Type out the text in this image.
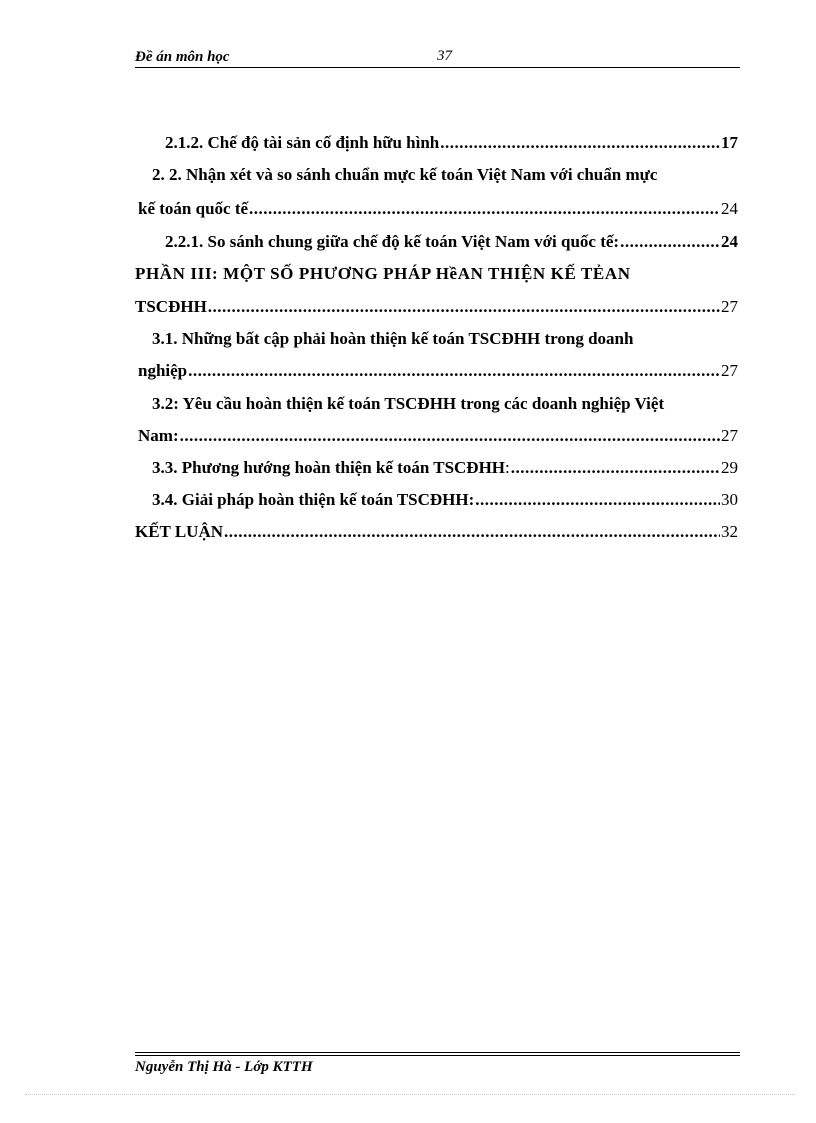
Đề án môn học	37
2.1.2. Chế độ tài sản cố định hữu hình .....	17
2. 2. Nhận xét và so sánh chuẩn mực kế toán Việt Nam với chuẩn mực
kế toán quốc tế .....	24
2.2.1. So sánh chung giữa chế độ kế toán Việt Nam với quốc tế: .....	24
PHẦN III: MỘT SỐ PHƯƠNG PHÁP HềAN THIỆN KẾ TẺAN
TSCĐHH .....	27
3.1. Những bất cập phải hoàn thiện kế toán TSCĐHH trong doanh
nghiệp .....	27
3.2: Yêu cầu hoàn thiện kế toán TSCĐHH trong các doanh nghiệp Việt
Nam: .....	27
3.3. Phương hướng hoàn thiện kế toán TSCĐHH : .....	29
3.4. Giải pháp hoàn thiện kế toán TSCĐHH: .....	30
KẾT LUẬN .....	32
Nguyễn Thị Hà - Lớp KTTH
